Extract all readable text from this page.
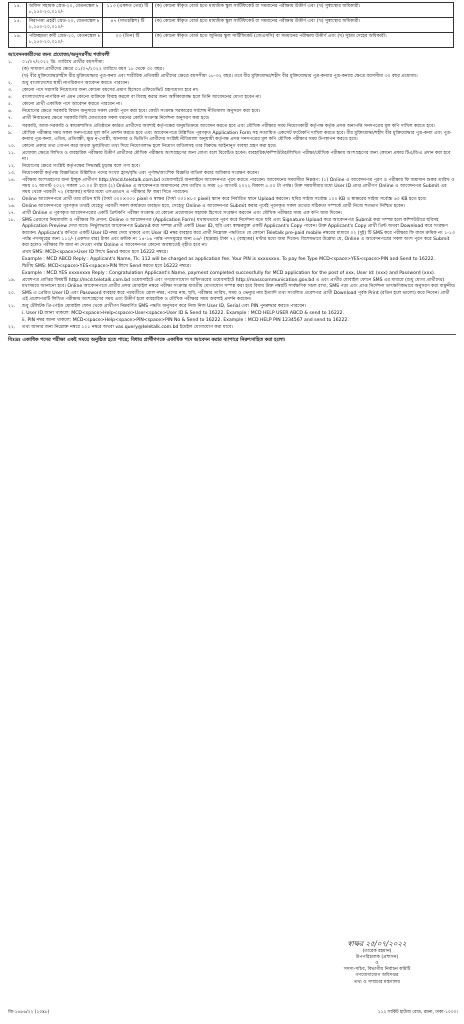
১৪.	অফিস সহায়ক গ্রেড-২০, বেতনস্কেল ৳ ৮,২৫০-২০,০১০/-	১১৩ (একশত তের) টি	(ক) কোনো স্বীকৃত বোর্ড হতে মাধ্যমিক স্কুল সার্টিফিকেট বা সমমানের পরীক্ষায় উত্তীর্ণ এবং (খ) সুস্বাস্থ্যের অধিকারী।
১৫.	নিরাপত্তা প্রহরী গ্রেড-২০, বেতনস্কেল ৳ ৮,২৫০-২০,০১০/-	৪৭ (সাতচল্লিশ) টি	(ক) কোনো স্বীকৃত বোর্ড হতে মাধ্যমিক স্কুল সার্টিফিকেট বা সমমানের পরীক্ষায় উত্তীর্ণ এবং (খ) সুস্বাস্থ্যের অধিকারী।
১৬.	পরিচ্ছন্নতা কর্মী গ্রেড-২০, বেতনস্কেল ৳ ৮,২৫০-২০,০১০/-	০৩ (তিন) টি	(ক) কোনো স্বীকৃত বোর্ড হতে জুনিয়র স্কুল সার্টিফিকেট (জেএসসি) বা সমমানের পরীক্ষায় উত্তীর্ণ এবং (খ) সুঠাম দেহের অধিকারী।
আবেদনকারীদের জন্য প্রযোজ্য/অনুসরণীয় শর্তাবলী
১.	০১/০৭/২০২২ খ্রি. তারিখে প্রার্থীর বয়সসীমা:
(ক) সাধারণ প্রার্থীদের ক্ষেত্রে ০১/০৭/২০২২ তারিখে বয়স ১৮ থেকে ৩০ বছর।
(খ) বীর মুক্তিযোদ্ধা/শহীদ বীর মুক্তিযোদ্ধার পুত্র-কন্যা এবং শারীরিক প্রতিবন্ধী প্রার্থীদের ক্ষেত্রে বয়সসীমা ১৮-৩২ বছর। তবে বীর মুক্তিযোদ্ধা/শহীদ বীর মুক্তিযোদ্ধার পুত্র-কন্যার পুত্র-কন্যার ক্ষেত্রে বয়সসীমা ৩০ বছর প্রযোজ্য।
২.	শুধু বাংলাদেশের স্থায়ী নাগরিকগণ আবেদন করতে পারবেন।
৩.	কোনো পদে সরাসরি নিয়োগের জন্য কোনো বয়সের প্রমাণ হিসেবে এফিডেভিট গ্রহণযোগ্য হবে না।
৪.	বাংলাদেশের নাগরিক না এমন কোনো ব্যক্তিকে বিবাহ করলে বা বিবাহ করার জন্য অঙ্গীকারাবদ্ধ হলে তিনি আবেদনের যোগ্য হবেন না।
৫.	কোনো প্রার্থী একাধিক পদে আবেদন করতে পারবেন না।
৬.	নিয়োগের ক্ষেত্রে সরকারি বিধান অনুসারে সকল কোটা পূরণ করা হবে। কোটা সংক্রান্ত সরকারের সর্বশেষ নীতিমালা অনুসরণ করা হবে।
৭.	প্রার্থী নিবাচনের ক্ষেত্রে সরকারি বিধি মোতাবেক সকল ধরনের কোটা সংক্রান্ত নির্দেশনা অনুসরণ করা হবে।
৮.	সরকারি, আধা-সরকারি ও স্বায়ত্তশাসিত প্রতিষ্ঠানে কর্মরত প্রার্থীদের অবশ্যই কর্তৃপক্ষের অনুমতিক্রমে আবেদন করতে হবে এবং মৌখিক পরীক্ষার সময় নিয়োগকারী কর্তৃপক্ষ কর্তৃক প্রদত্ত অনাপত্তি সনদপত্রের মূল কপি দাখিল করতে হবে।
৯.	মৌখিক পরীক্ষার সময় সকল সনদপত্রের মূল কপি প্রদর্শন করতে হবে এবং আবেদনপত্রে উল্লিখিত পূরণকৃত Application Form সহ সত্যায়িত একসেট ফটোকপি দাখিল করতে হবে। বীর মুক্তিযোদ্ধা/শহীদ বীর মুক্তিযোদ্ধার পুত্র-কন্যা এবং পুত্র-কন্যার পুত্র-কন্যা, এতিম, প্রতিবন্ধী, ক্ষুদ্র নৃ-গোষ্ঠী, আনসার ও ভিডিপি প্রার্থীদের সংশ্লিষ্ট নীতিমালা অনুযায়ী কর্তৃপক্ষ প্রদত্ত সনদপত্রের মূল কপি মৌখিক পরীক্ষার সময় উপস্থাপন করতে হবে।
১০.	কোনো প্রকার তথ্য গোপন করে অথবা ভুল/মিথ্যা তথ্য দিয়ে নিয়োগলাভ হলে নিয়োগ বাতিলসহ তার বিরুদ্ধে আইনানুগ ব্যবস্থা গ্রহণ করা হবে।
১১.	প্রযোজ্য ক্ষেত্রে লিখিত ও ব্যবহারিক পরীক্ষায় উত্তীর্ণ প্রার্থীদের মৌখিক পরীক্ষায় অংশগ্রহণের জন্য যোগ্য বলে বিবেচিত হবেন। ব্যবহারিক/কম্পিউটার/লিখিত পরীক্ষা/মৌখিক পরীক্ষায় অংশগ্রহণের জন্য কোনো প্রকার টিএ/ডিএ প্রদান করা হবে না।
১২.	নিয়োগের ক্ষেত্রে সংশ্লিষ্ট কর্তৃপক্ষের সিদ্ধান্তই চূড়ান্ত বলে গণ্য হবে।
১৩.	নিয়োগকারী কর্তৃপক্ষ বিজ্ঞপ্তিতে উল্লিখিত পদের সংখ্যা হ্রাস/বৃদ্ধি এবং পূর্ণাঙ্গ/আংশিক বিজ্ঞপ্তি বাতিল করার অধিকার সংরক্ষণ করেন।
১৪.	পরীক্ষায় অংশগ্রহণের জন্য ইচ্ছুক প্রার্থীগণ http://mcd.teletalk.com.bd ওয়েবসাইটে অনলাইনে আবেদনপত্র পূরণ করতে পারবেন। আবেদনের সময়সীমা নিম্নরূপ: (১) Online এ আবেদনপত্র পূরণ ও পরীক্ষার ফি জমাদান শুরুর তারিখ ও সময় ০১ আগস্ট ২০২২ সকাল ১০.০০ টা হতে (২) Online এ আবেদনপত্র জমাদানের শেষ তারিখ ও সময় ২৫ আগস্ট ২০২২ বিকাল ৫.০০ টা পর্যন্ত। উক্ত সময়সীমার মধ্যে User ID প্রাপ্ত প্রার্থীগণ Online এ আবেদনপত্র Submit এর সময় থেকে পরবর্তী ৭২ (বাহাত্তর) ঘণ্টার মধ্যে এসএমএস এ পরীক্ষার ফি জমা দিতে পারবেন।
১৫.	Online আবেদনপত্রে প্রার্থী তার রঙিন ছবি (দৈর্ঘ্য ৩০০×৩০০ pixel ও স্বাক্ষর (দৈর্ঘ্য ৩০০×৮০ pixel) স্ক্যান করে নির্ধারিত স্থানে Upload করবেন। ছবির সাইজ সর্বোচ্চ ১০০ KB ও স্বাক্ষরের সাইজ সর্বোচ্চ ৬০ KB হতে হবে।
১৬.	Online আবেদনপত্রে পূরণকৃত তথ্যই যেহেতু পরবর্তী সকল কার্যক্রমে ব্যবহৃত হবে, সেহেতু Online এ আবেদনপত্র Submit করার পূর্বেই পূরণকৃত সকল তথ্যের সঠিকতা সম্পর্কে প্রার্থী নিজে শতভাগ নিশ্চিত হবেন।
১৭.	প্রার্থী Online এ পূরণকৃত আবেদনপত্রের একটি প্রিন্টকপি পরীক্ষা সংক্রান্ত যে কোনো প্রয়োজনে সহায়ক হিসেবে সংরক্ষণ করবেন এবং মৌখিক পরীক্ষার সময় এক কপি জমা দিবেন।
১৮.	SMS প্রেরণের নিয়মাবলি ও পরীক্ষার ফি প্রদান: Online এ আবেদনপত্র (Application Form) যথাযথভাবে পূরণ করে নির্দেশনা মতে ছবি এবং Signature Upload করে আবেদনপত্র Submit করা সম্পন্ন হলে কম্পিউটারে ছবিসহ Application Preview দেখা যাবে। নির্ভুলভাবে আবেদনপত্র Submit করা সম্পন্ন প্রার্থী একটি User ID, ছবি এবং স্বাক্ষরযুক্ত একটি Applicant's Copy পাবেন। উক্ত Applicant's Copy প্রার্থী প্রিন্ট অথবা Download করে সংরক্ষণ করবেন। Applicant's কপিতে একটি User ID নম্বর দেয়া থাকবে এবং User ID নম্বর ব্যবহার করে প্রার্থী নিম্নোক্ত পদ্ধতিতে যে কোনো Teletalk pre-paid mobile নম্বরের মাধ্যমে ০২ (দুই) টি SMS করে পরীক্ষার ফি বাবদ ক্রমিক নং ১-১৩ পর্যন্ত পদসমূহের জন্য ১১২/- (একশত বার) টাকা এবং ক্রমিক নং ১৪-১৬ পর্যন্ত পদসমূহের জন্য ৫৬/- (ছাপ্পান্ন) টাকা ৭২ (বাহাত্তর) ঘণ্টার মধ্যে জমা দিবেন। বিশেষভাবে উল্লেখ্য যে, Online এ আবেদনপত্রের সকল অংশ পূরণ করে Submit করা হলেও পরীক্ষার ফি জমা না দেওয়া পর্যন্ত Online এ আবেদনপত্র কোনো অবস্থাতেই গৃহীত হবে না।
প্রথম SMS: MCD<space>User ID লিখে Send করতে হবে 16222 নম্বরে।
Example : MCD ABCD Reply : Applicant's Name, Tk. 112 will be charged as application fee. Your PIN is xxxxxxxx. To pay fee Type MCD<space>YES<space>PIN and Send to 16222.
দ্বিতীয় SMS: MCD<space>YES<space>PIN লিখে Send করতে হবে 16222 নম্বরে।
Example : MCD YES xxxxxxxx Reply : Congratulation Applicant's Name, payment completed successfully for MCD application for the post of xxx, User Id: (xxx) and Password (xxx).
১৯.	প্রবেশপত্র প্রাপ্তির বিষয়টি http://mcd.teletalk.com.bd ওয়েবসাইটে এবং গণযোগাযোগ অধিদপ্তরের ওয়েবসাইটে http://masscommunication.gov.bd এ এবং প্রার্থীর মোবাইল ফোনে SMS এর মাধ্যমে (শুধু যোগ্য প্রার্থীদের) যথাসময়ে জানানো হবে। Online আবেদনপত্রে প্রার্থীর প্রদত্ত মোবাইল নম্বরে পরীক্ষা সংক্রান্ত যাবতীয় যোগাযোগ সম্পন্ন করা হবে বিধায় উক্ত নম্বরটি সার্বক্ষণিক সচল রাখা, SMS পড়া এবং প্রাপ্ত নির্দেশনা তাৎক্ষণিকভাবে অনুসরণ করা বাঞ্ছনীয়।
২০.	SMS এ প্রেরিত User ID এবং Password ব্যবহার করে পরবর্তীতে রোল নম্বর, পদের নাম, ছবি, পরীক্ষার তারিখ, সময় ও ভেন্যুর নাম ইত্যাদি তথ্য সংবলিত প্রবেশপত্র প্রার্থী Download পূর্বক Print (রঙিন হলে ভালো) করে নিবেন। প্রার্থী এই প্রবেশপত্রটি লিখিত পরীক্ষায় অংশগ্রহণের সময় এবং উত্তীর্ণ হলে ব্যবহারিক ও মৌখিক পরীক্ষার সময় অবশ্যই প্রদর্শন করবেন।
২১.	শুধু টেলিটক প্রি-পেইড মোবাইল ফোন থেকে প্রার্থীগণ নিম্নবর্ণিত SMS পদ্ধতি অনুসরণ করে নিজ নিজ User ID, Serial এবং PIN পুনরুদ্ধার করতে পারবেন।
i. User ID জানা থাকলে: MCD<space>Help<space>User<space>User ID & Send to 16222. Example : MCD HELP USER ABCD & send to 16222.
ii. PIN নম্বর জানা থাকলে: MCD<space>Help<space>PIN<space>PIN No & Send to 16222. Example : MCD HELP PIN 1234567 and send to 16222.
২২.	তথ্য জানার জন্য নিম্নোক্ত নম্বরে ১২১ নম্বরে অথবা vas.query@teletalk.com.bd ইমেইল যোগাযোগ করা যাবে।
বিঃদ্রঃ একাধিক পদের পরীক্ষা একই সময়ে অনুষ্ঠিত হতে পারে; বিধায় প্রার্থীগণকে একাধিক পদে আবেদন করার ব্যাপারে নিরুৎসাহিত করা হলো।
স্বাক্ষর ২৫/০৭/২০২২
(তারেক রহমান)
উপপরিচালক (প্রশাসন)
ও
সদস্য-সচিব, বিভাগীয় নির্বাচন কমিটি
গণযোগাযোগ অধিদপ্তর
তথ্য ও সম্প্রচার মন্ত্রণালয়
জি-১৬৮৬/২২ (১০x৮)	১১২ সার্কিট হাউজ রোড, রমনা, ঢাকা-১০০০।
